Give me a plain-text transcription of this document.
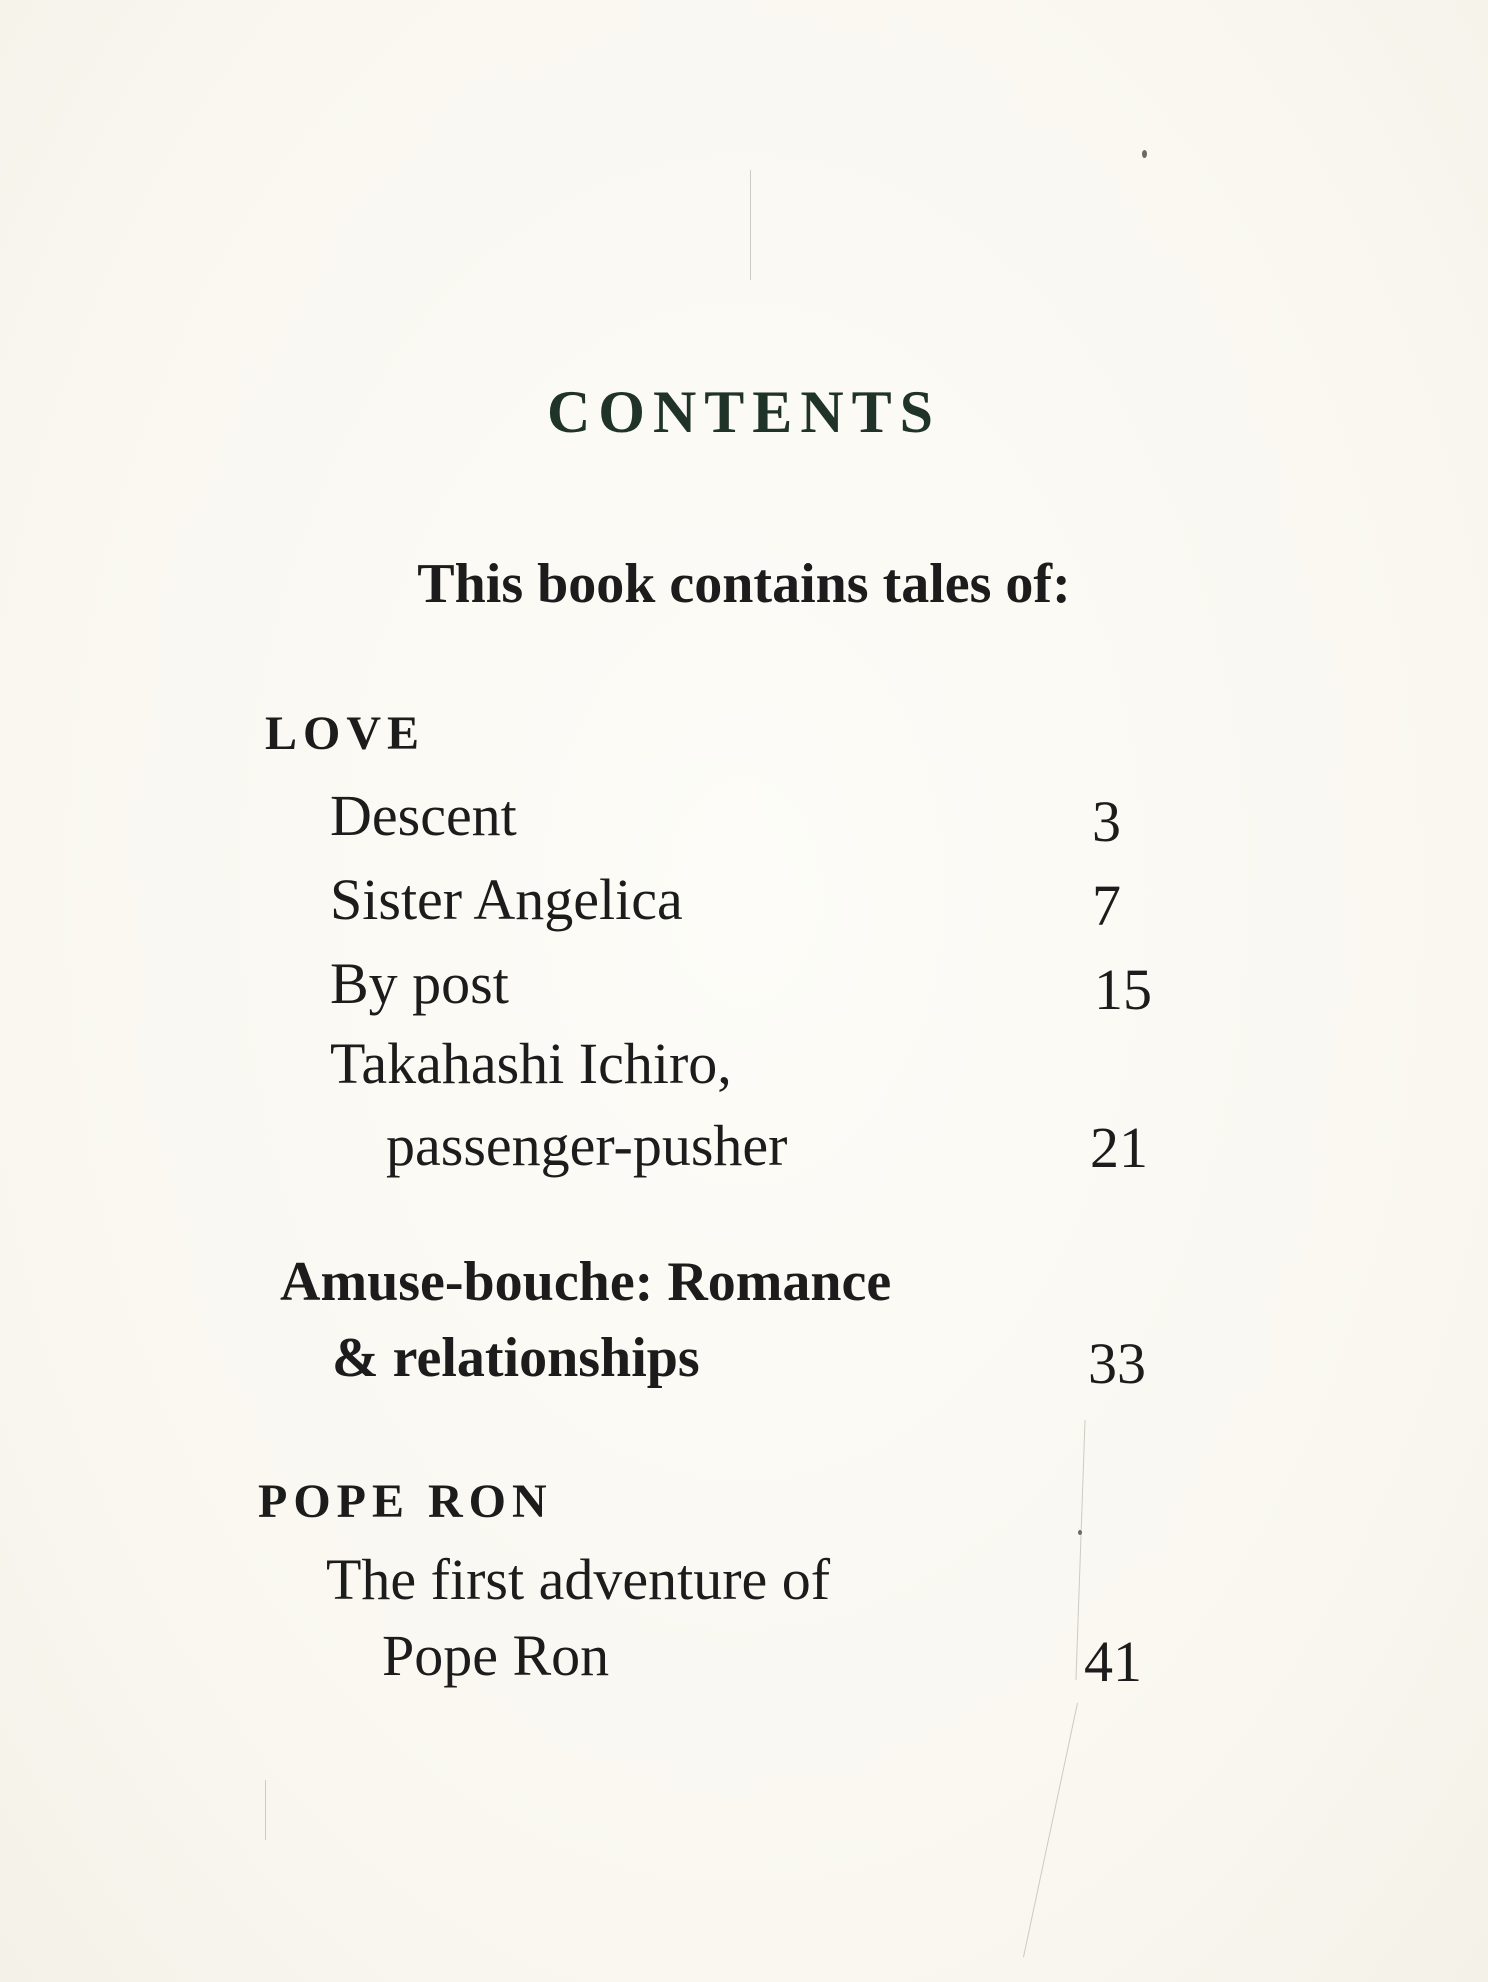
CONTENTS
This book contains tales of:
LOVE
Descent	3
Sister Angelica	7
By post	15
Takahashi Ichiro,
passenger-pusher	21
Amuse-bouche: Romance
& relationships	33
POPE RON
The first adventure of
Pope Ron	41
